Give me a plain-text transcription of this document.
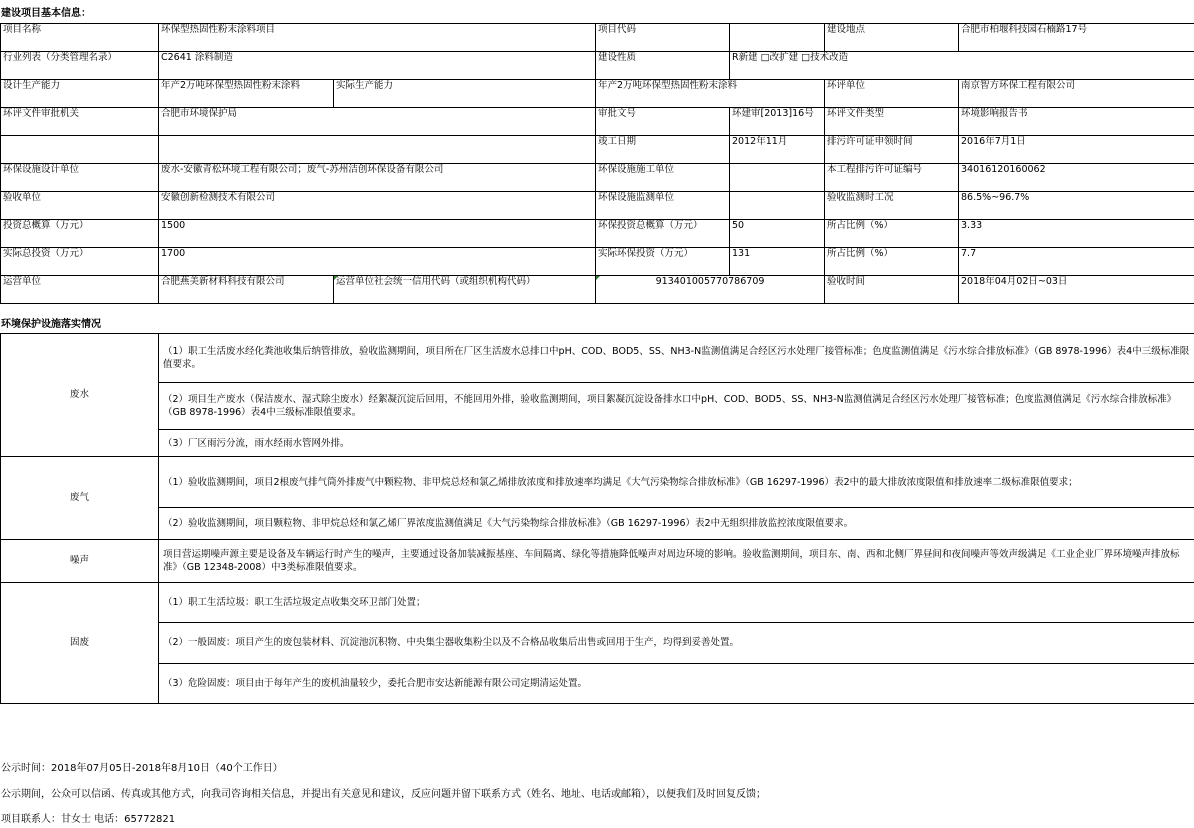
建设项目基本信息：
项目名称	环保型热固性粉末涂料项目		项目代码		建设地点	合肥市柏堰科技园石楠路17号
行业列表（分类管理名录）	C2641 涂料制造		建设性质	R新建 □改扩建 □技术改造		
设计生产能力	年产2万吨环保型热固性粉末涂料	实际生产能力	年产2万吨环保型热固性粉末涂料		环评单位	南京智方环保工程有限公司
环评文件审批机关	合肥市环境保护局		审批文号	环建审[2013]16号	环评文件类型	环境影响报告书
			竣工日期	2012年11月	排污许可证申领时间	2016年7月1日
环保设施设计单位	废水-安徽青松环境工程有限公司；废气-苏州洁创环保设备有限公司		环保设施施工单位		本工程排污许可证编号	34016120160062
验收单位	安徽创新检测技术有限公司		环保设施监测单位		验收监测时工况	86.5%~96.7%
投资总概算（万元）	1500		环保投资总概算（万元）	50	所占比例（%）	3.33
实际总投资（万元）	1700		实际环保投资（万元）	131	所占比例（%）	7.7
运营单位	合肥燕美新材料科技有限公司	运营单位社会统一信用代码（或组织机构代码）	913401005770786709		验收时间	2018年04月02日~03日
环境保护设施落实情况
废水	（1）职工生活废水经化粪池收集后纳管排放，验收监测期间，项目所在厂区生活废水总排口中pH、COD、BOD5、SS、NH3-N监测值满足合经区污水处理厂接管标准；色度监测值满足《污水综合排放标准》（GB 8978-1996）表4中三级标准限值要求。
（2）项目生产废水（保洁废水、湿式除尘废水）经絮凝沉淀后回用，不能回用外排，验收监测期间，项目絮凝沉淀设备排水口中pH、COD、BOD5、SS、NH3-N监测值满足合经区污水处理厂接管标准；色度监测值满足《污水综合排放标准》（GB 8978-1996）表4中三级标准限值要求。
（3）厂区雨污分流，雨水经雨水管网外排。

废气	（1）验收监测期间，项目2根废气排气筒外排废气中颗粒物、非甲烷总烃和氯乙烯排放浓度和排放速率均满足《大气污染物综合排放标准》（GB 16297-1996）表2中的最大排放浓度限值和排放速率二级标准限值要求；
（2）验收监测期间，项目颗粒物、非甲烷总烃和氯乙烯厂界浓度监测值满足《大气污染物综合排放标准》（GB 16297-1996）表2中无组织排放监控浓度限值要求。

噪声	项目营运期噪声源主要是设备及车辆运行时产生的噪声，主要通过设备加装减振基座、车间隔离、绿化等措施降低噪声对周边环境的影响。验收监测期间，项目东、南、西和北侧厂界昼间和夜间噪声等效声级满足《工业企业厂界环境噪声排放标准》（GB 12348-2008）中3类标准限值要求。

固废	（1）职工生活垃圾：职工生活垃圾定点收集交环卫部门处置；
（2）一般固废：项目产生的废包装材料、沉淀池沉积物、中央集尘器收集粉尘以及不合格品收集后出售或回用于生产，均得到妥善处置。
（3）危险固废：项目由于每年产生的废机油量较少，委托合肥市安达新能源有限公司定期清运处置。
公示时间：2018年07月05日-2018年8月10日（40个工作日）
公示期间，公众可以信函、传真或其他方式，向我司咨询相关信息，并提出有关意见和建议，反应问题并留下联系方式（姓名、地址、电话或邮箱），以便我们及时回复反馈；
项目联系人：甘女士 电话：65772821
